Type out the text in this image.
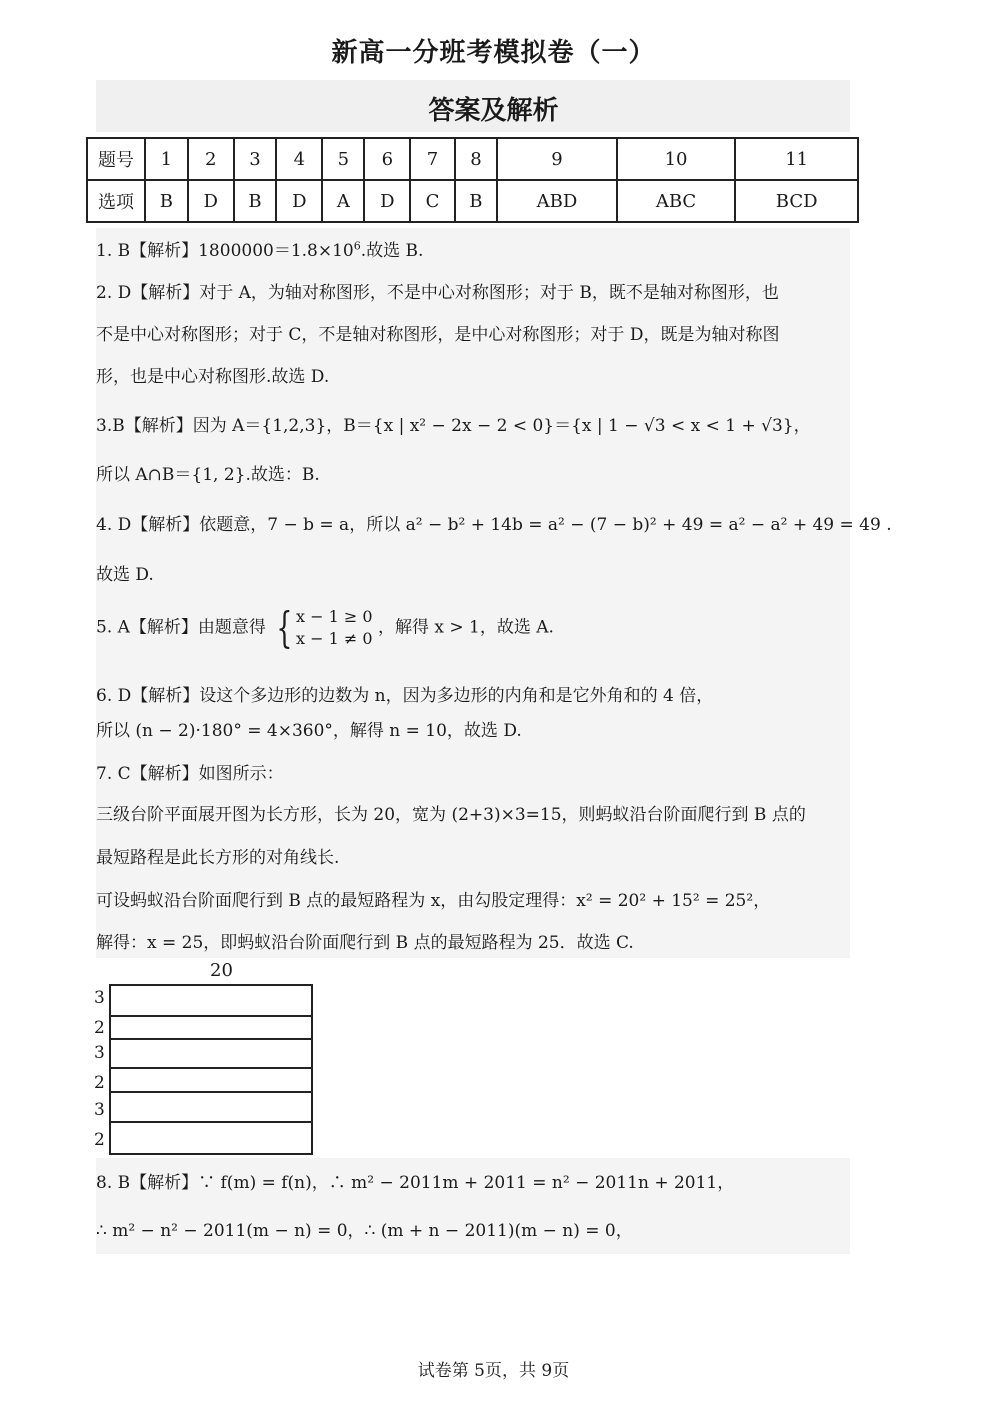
新高一分班考模拟卷（一）
答案及解析
题号	1	2	3	4	5	6	7	8	9	10	11
选项	B	D	B	D	A	D	C	B	ABD	ABC	BCD
1. B【解析】$1800000=1.8\times 10^6$.故选 B.
2. D【解析】对于 A，为轴对称图形，不是中心对称图形；对于 B，既不是轴对称图形，也
不是中心对称图形；对于 C，不是轴对称图形，是中心对称图形；对于 D，既是为轴对称图
形，也是中心对称图形.故选 D.
3.B【解析】因为 A＝{1,2,3}，B＝{x | x² − 2x − 2 < 0}＝{x | 1 − √3 < x < 1 + √3}，
所以 A∩B＝{1, 2}.故选：B.
4. D【解析】依题意，7 − b = a，所以 a² − b² + 14b = a² − (7 − b)² + 49 = a² − a² + 49 = 49 .
故选 D.
5. A【解析】由题意得 { x − 1 ≥ 0
x − 1 ≠ 0
，解得 x > 1，故选 A.
6. D【解析】设这个多边形的边数为 n，因为多边形的内角和是它外角和的 4 倍，
所以 (n − 2)·180° = 4×360°，解得 n = 10，故选 D.
7. C【解析】如图所示：
三级台阶平面展开图为长方形，长为 20，宽为 (2+3)×3=15，则蚂蚁沿台阶面爬行到 B 点的
最短路程是此长方形的对角线长.
可设蚂蚁沿台阶面爬行到 B 点的最短路程为 x，由勾股定理得：x² = 20² + 15² = 25²，
解得：x = 25，即蚂蚁沿台阶面爬行到 B 点的最短路程为 25．故选 C.
20
3
2
3
2
3
2
8. B【解析】∵ f(m) = f(n)，∴ m² − 2011m + 2011 = n² − 2011n + 2011，
∴ m² − n² − 2011(m − n) = 0，∴ (m + n − 2011)(m − n) = 0，
试卷第 5页，共 9页
